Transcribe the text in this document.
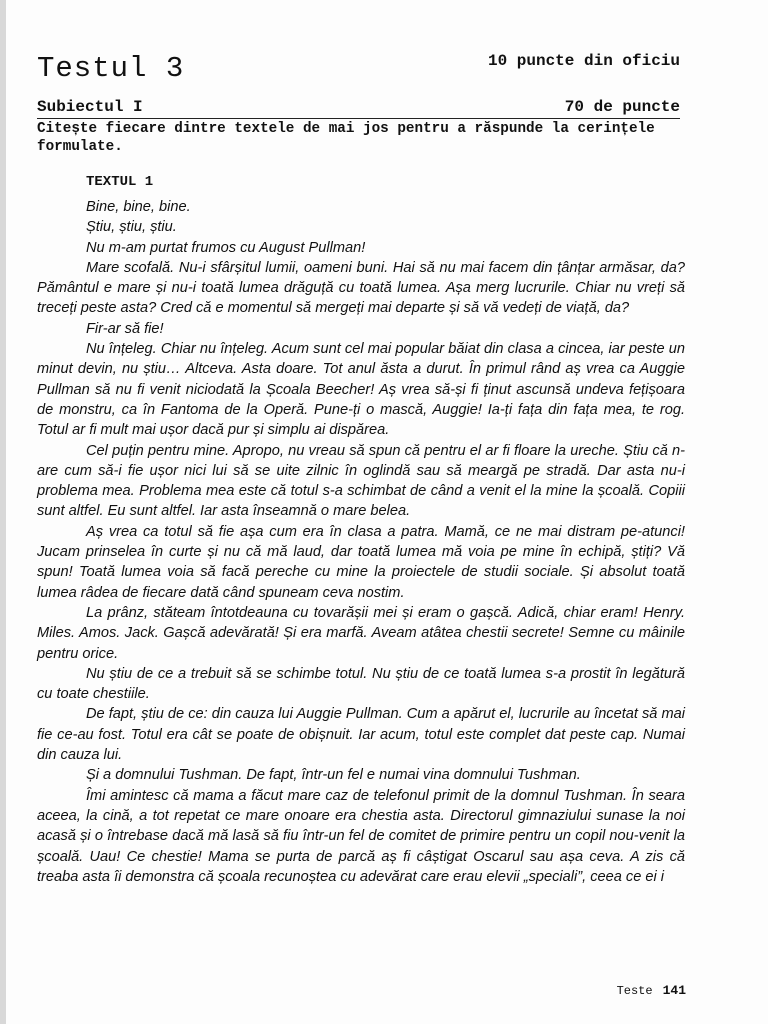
Testul 3	10 puncte din oficiu
Subiectul I	70 de puncte
Citește fiecare dintre textele de mai jos pentru a răspunde la cerințele formulate.
TEXTUL 1

Bine, bine, bine.

Știu, știu, știu.

Nu m-am purtat frumos cu August Pullman!

Mare scofală. Nu-i sfârșitul lumii, oameni buni. Hai să nu mai facem din țânțar armăsar, da? Pământul e mare și nu-i toată lumea drăguță cu toată lumea. Așa merg lucrurile. Chiar nu vreți să treceți peste asta? Cred că e momentul să mergeți mai departe și să vă vedeți de viață, da?

Fir-ar să fie!

Nu înțeleg. Chiar nu înțeleg. Acum sunt cel mai popular băiat din clasa a cincea, iar peste un minut devin, nu știu… Altceva. Asta doare. Tot anul ăsta a durut. În primul rând aș vrea ca Auggie Pullman să nu fi venit niciodată la Școala Beecher! Aș vrea să-și fi ținut ascunsă undeva fețișoara de monstru, ca în Fantoma de la Operă. Pune-ți o mască, Auggie! Ia-ți fața din fața mea, te rog. Totul ar fi mult mai ușor dacă pur și simplu ai dispărea.

Cel puțin pentru mine. Apropo, nu vreau să spun că pentru el ar fi floare la ureche. Știu că n-are cum să-i fie ușor nici lui să se uite zilnic în oglindă sau să meargă pe stradă. Dar asta nu-i problema mea. Problema mea este că totul s-a schimbat de când a venit el la mine la școală. Copiii sunt altfel. Eu sunt altfel. Iar asta înseamnă o mare belea.

Aș vrea ca totul să fie așa cum era în clasa a patra. Mamă, ce ne mai distram pe-atunci! Jucam prinselea în curte și nu că mă laud, dar toată lumea mă voia pe mine în echipă, știți? Vă spun! Toată lumea voia să facă pereche cu mine la proiectele de studii sociale. Și absolut toată lumea râdea de fiecare dată când spuneam ceva nostim.

La prânz, stăteam întotdeauna cu tovarășii mei și eram o gașcă. Adică, chiar eram! Henry. Miles. Amos. Jack. Gașcă adevărată! Și era marfă. Aveam atâtea chestii secrete! Semne cu mâinile pentru orice.

Nu știu de ce a trebuit să se schimbe totul. Nu știu de ce toată lumea s-a prostit în legătură cu toate chestiile.

De fapt, știu de ce: din cauza lui Auggie Pullman. Cum a apărut el, lucrurile au încetat să mai fie ce-au fost. Totul era cât se poate de obișnuit. Iar acum, totul este complet dat peste cap. Numai din cauza lui.

Și a domnului Tushman. De fapt, într-un fel e numai vina domnului Tushman.

Îmi amintesc că mama a făcut mare caz de telefonul primit de la domnul Tushman. În seara aceea, la cină, a tot repetat ce mare onoare era chestia asta. Directorul gimnaziului sunase la noi acasă și o întrebase dacă mă lasă să fiu într-un fel de comitet de primire pentru un copil nou-venit la școală. Uau! Ce chestie! Mama se purta de parcă aș fi câștigat Oscarul sau așa ceva. A zis că treaba asta îi demonstra că școala recunoștea cu adevărat care erau elevii „speciali”, ceea ce ei i

Teste 141
